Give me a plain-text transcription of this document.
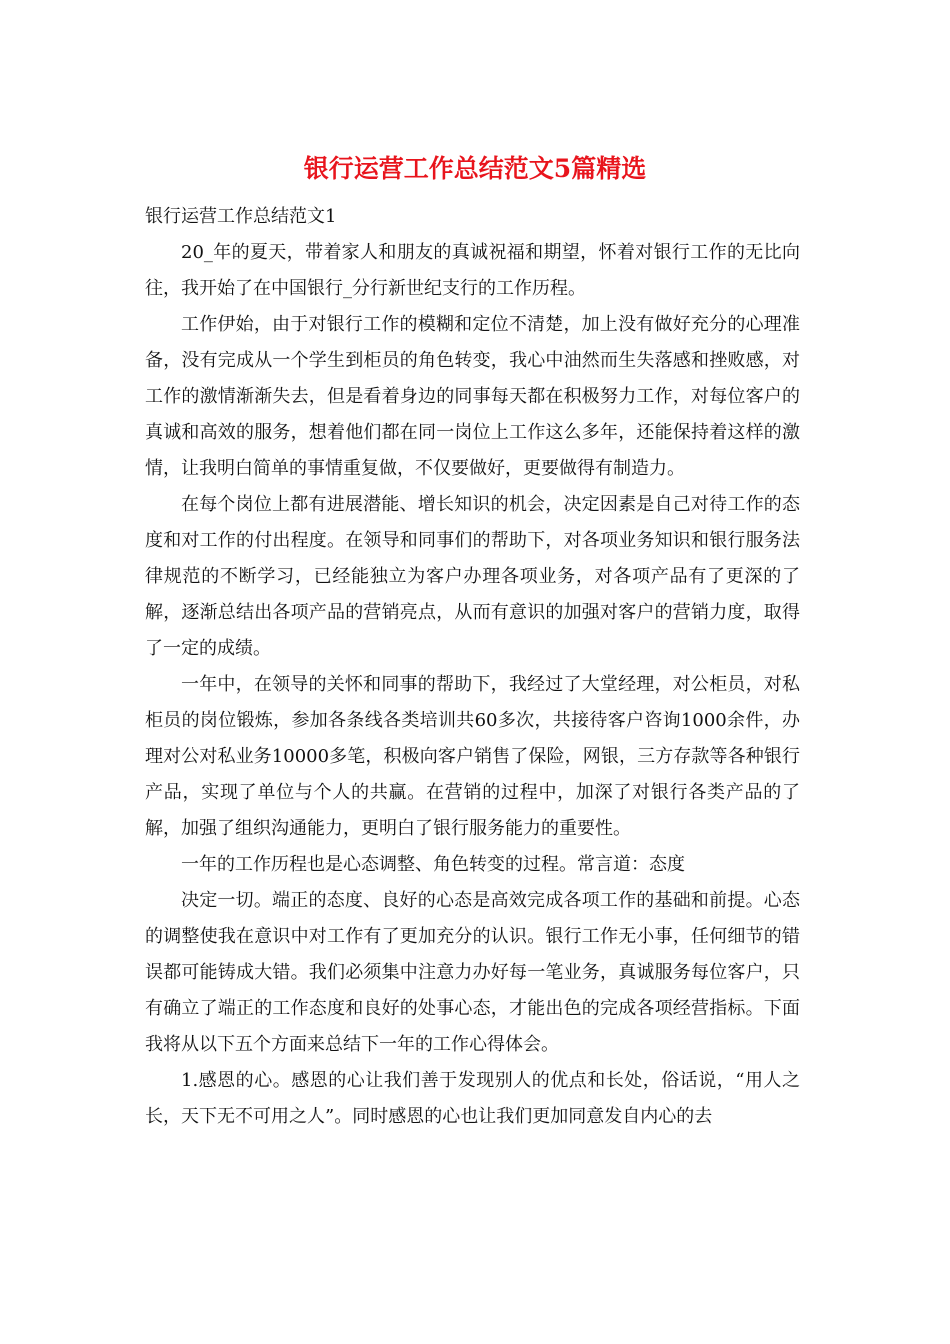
银行运营工作总结范文5篇精选

银行运营工作总结范文1

20_年的夏天，带着家人和朋友的真诚祝福和期望，怀着对银行工作的无比向往，我开始了在中国银行_分行新世纪支行的工作历程。

工作伊始，由于对银行工作的模糊和定位不清楚，加上没有做好充分的心理准备，没有完成从一个学生到柜员的角色转变，我心中油然而生失落感和挫败感，对工作的激情渐渐失去，但是看着身边的同事每天都在积极努力工作，对每位客户的真诚和高效的服务，想着他们都在同一岗位上工作这么多年，还能保持着这样的激情，让我明白简单的事情重复做，不仅要做好，更要做得有制造力。

在每个岗位上都有进展潜能、增长知识的机会，决定因素是自己对待工作的态度和对工作的付出程度。在领导和同事们的帮助下，对各项业务知识和银行服务法律规范的不断学习，已经能独立为客户办理各项业务，对各项产品有了更深的了解，逐渐总结出各项产品的营销亮点，从而有意识的加强对客户的营销力度，取得了一定的成绩。

一年中，在领导的关怀和同事的帮助下，我经过了大堂经理，对公柜员，对私柜员的岗位锻炼，参加各条线各类培训共60多次，共接待客户咨询1000余件，办理对公对私业务10000多笔，积极向客户销售了保险，网银，三方存款等各种银行产品，实现了单位与个人的共赢。在营销的过程中，加深了对银行各类产品的了解，加强了组织沟通能力，更明白了银行服务能力的重要性。

一年的工作历程也是心态调整、角色转变的过程。常言道：态度

决定一切。端正的态度、良好的心态是高效完成各项工作的基础和前提。心态的调整使我在意识中对工作有了更加充分的认识。银行工作无小事，任何细节的错误都可能铸成大错。我们必须集中注意力办好每一笔业务，真诚服务每位客户，只有确立了端正的工作态度和良好的处事心态，才能出色的完成各项经营指标。下面我将从以下五个方面来总结下一年的工作心得体会。

1.感恩的心。感恩的心让我们善于发现别人的优点和长处，俗话说，“用人之长，天下无不可用之人”。同时感恩的心也让我们更加同意发自内心的去
